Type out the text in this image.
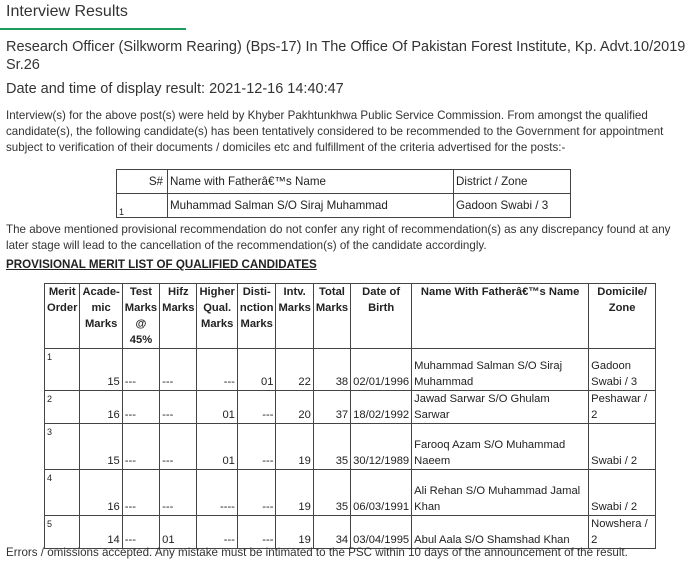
Interview Results
Research Officer (Silkworm Rearing) (Bps-17) In The Office Of Pakistan Forest Institute, Kp. Advt.10/2019 Sr.26
Date and time of display result: 2021-12-16 14:40:47
Interview(s) for the above post(s) were held by Khyber Pakhtunkhwa Public Service Commission. From amongst the qualified candidate(s), the following candidate(s) has been tentatively considered to be recommended to the Government for appointment subject to verification of their documents / domiciles etc and fulfillment of the criteria advertised for the posts:-
S#	Name with Fatherâ€™s Name	District / Zone
1	Muhammad Salman S/O Siraj Muhammad	Gadoon Swabi / 3
The above mentioned provisional recommendation do not confer any right of recommendation(s) as any discrepancy found at any later stage will lead to the cancellation of the recommendation(s) of the candidate accordingly.
PROVISIONAL MERIT LIST OF QUALIFIED CANDIDATES
Merit Order	Acade-mic Marks	Test Marks @ 45%	Hifz Marks	Higher Qual. Marks	Disti-nction Marks	Intv. Marks	Total Marks	Date of Birth	Name With Fatherâ€™s Name	Domicile/ Zone
1	15	---	---	---	01	22	38	02/01/1996	Muhammad Salman S/O Siraj Muhammad	Gadoon Swabi / 3
2	16	---	---	01	---	20	37	18/02/1992	Jawad Sarwar S/O Ghulam Sarwar	Peshawar / 2
3	15	---	---	01	---	19	35	30/12/1989	Farooq Azam S/O Muhammad Naeem	Swabi / 2
4	16	---	---	----	---	19	35	06/03/1991	Ali Rehan S/O Muhammad Jamal Khan	Swabi / 2
5	14	---	01	---	---	19	34	03/04/1995	Abul Aala S/O Shamshad Khan	Nowshera / 2
Errors / omissions accepted. Any mistake must be intimated to the PSC within 10 days of the announcement of the result.
